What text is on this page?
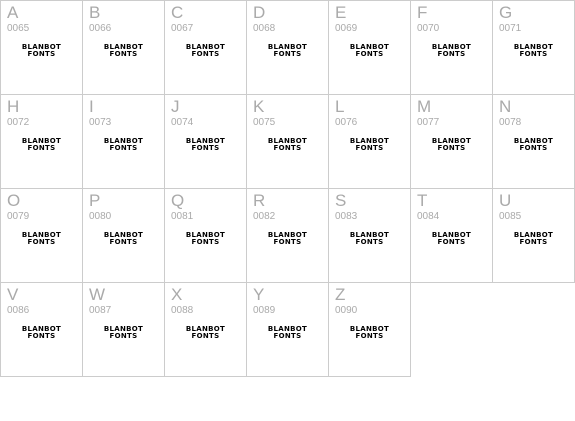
A
0065
BLANBOT
FONTS
B
0066
BLANBOT
FONTS
C
0067
BLANBOT
FONTS
D
0068
BLANBOT
FONTS
E
0069
BLANBOT
FONTS
F
0070
BLANBOT
FONTS
G
0071
BLANBOT
FONTS
H
0072
BLANBOT
FONTS
I
0073
BLANBOT
FONTS
J
0074
BLANBOT
FONTS
K
0075
BLANBOT
FONTS
L
0076
BLANBOT
FONTS
M
0077
BLANBOT
FONTS
N
0078
BLANBOT
FONTS
O
0079
BLANBOT
FONTS
P
0080
BLANBOT
FONTS
Q
0081
BLANBOT
FONTS
R
0082
BLANBOT
FONTS
S
0083
BLANBOT
FONTS
T
0084
BLANBOT
FONTS
U
0085
BLANBOT
FONTS
V
0086
BLANBOT
FONTS
W
0087
BLANBOT
FONTS
X
0088
BLANBOT
FONTS
Y
0089
BLANBOT
FONTS
Z
0090
BLANBOT
FONTS
